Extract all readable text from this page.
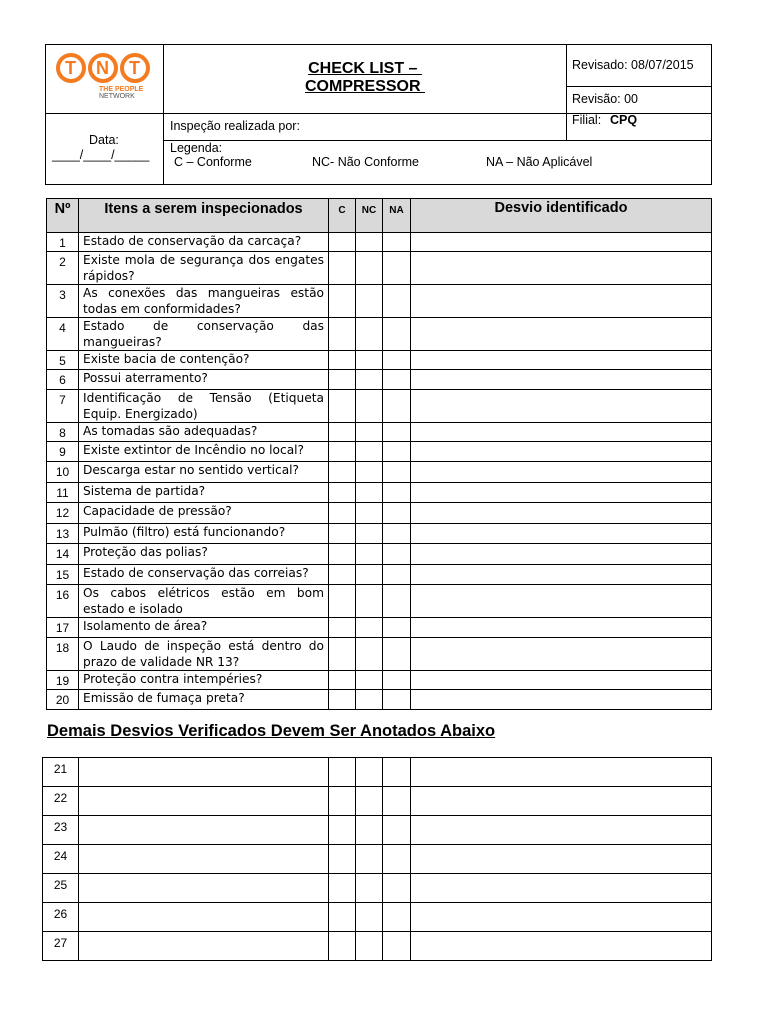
T N T
THE PEOPLE
NETWORK
CHECK LIST –
COMPRESSOR
Revisado: 08/07/2015
Revisão: 00
Filial: CPQ
Data:
____/____/_____
Inspeção realizada por:
Legenda:
C – Conforme	NC- Não Conforme	NA – Não Aplicável
Nº	Itens a serem inspecionados	C	NC	NA	Desvio identificado
1	Estado de conservação da carcaça?				
2	Existe mola de segurança dos engates rápidos?				
3	As conexões das mangueiras estão todas em conformidades?				
4	Estado de conservação das mangueiras?				
5	Existe bacia de contenção?				
6	Possui aterramento?				
7	Identificação de Tensão (Etiqueta Equip. Energizado)				
8	As tomadas são adequadas?				
9	Existe extintor de Incêndio no local?				
10	Descarga estar no sentido vertical?				
11	Sistema de partida?				
12	Capacidade de pressão?				
13	Pulmão (filtro) está funcionando?				
14	Proteção das polias?				
15	Estado de conservação das correias?				
16	Os cabos elétricos estão em bom estado e isolado				
17	Isolamento de área?				
18	O Laudo de inspeção está dentro do prazo de validade NR 13?				
19	Proteção contra intempéries?				
20	Emissão de fumaça preta?				
Demais Desvios Verificados Devem Ser Anotados Abaixo
21					
22					
23					
24					
25					
26					
27					
